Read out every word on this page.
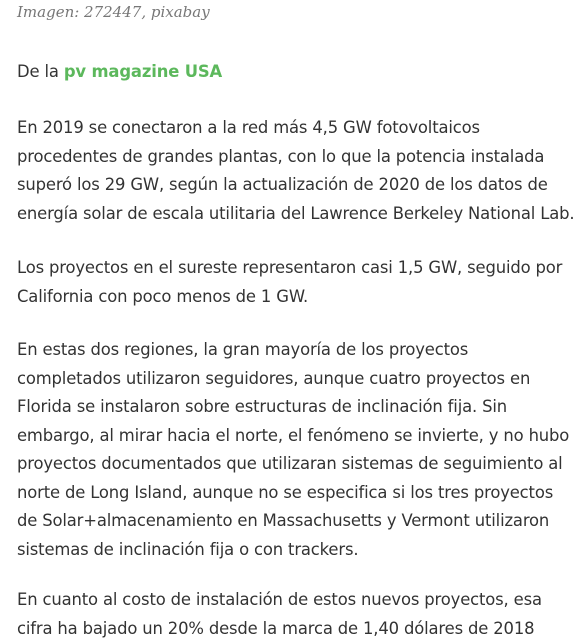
Imagen: 272447, pixabay

De la pv magazine USA

En 2019 se conectaron a la red más 4,5 GW fotovoltaicos
procedentes de grandes plantas, con lo que la potencia instalada
superó los 29 GW, según la actualización de 2020 de los datos de
energía solar de escala utilitaria del Lawrence Berkeley National Lab.

Los proyectos en el sureste representaron casi 1,5 GW, seguido por
California con poco menos de 1 GW.

En estas dos regiones, la gran mayoría de los proyectos
completados utilizaron seguidores, aunque cuatro proyectos en
Florida se instalaron sobre estructuras de inclinación fija. Sin
embargo, al mirar hacia el norte, el fenómeno se invierte, y no hubo
proyectos documentados que utilizaran sistemas de seguimiento al
norte de Long Island, aunque no se especifica si los tres proyectos
de Solar+almacenamiento en Massachusetts y Vermont utilizaron
sistemas de inclinación fija o con trackers.

En cuanto al costo de instalación de estos nuevos proyectos, esa
cifra ha bajado un 20% desde la marca de 1,40 dólares de 2018
